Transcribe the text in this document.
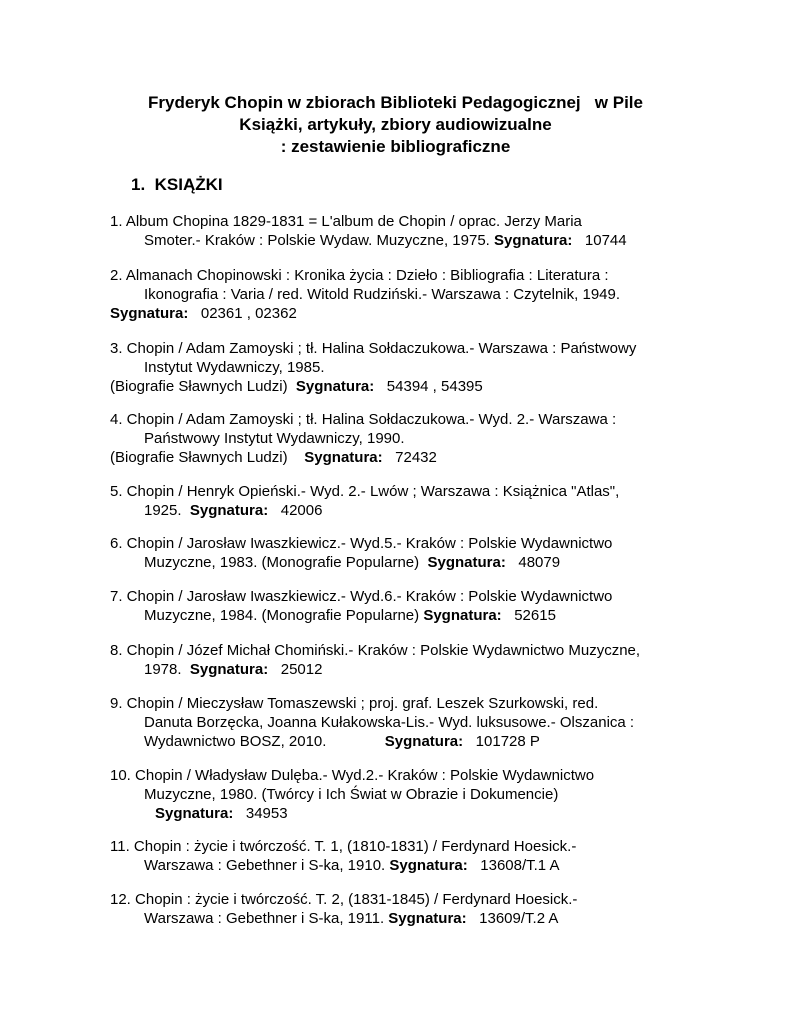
Fryderyk Chopin w zbiorach Biblioteki Pedagogicznej   w Pile
Książki, artykuły, zbiory audiowizualne
: zestawienie bibliograficzne
1. KSIĄŻKI
1. Album Chopina 1829-1831 = L'album de Chopin / oprac. Jerzy Maria
Smoter.- Kraków : Polskie Wydaw. Muzyczne, 1975. Sygnatura: 10744
2. Almanach Chopinowski : Kronika życia : Dzieło : Bibliografia : Literatura :
Ikonografia : Varia / red. Witold Rudziński.- Warszawa : Czytelnik, 1949.
Sygnatura: 02361 , 02362
3. Chopin / Adam Zamoyski ; tł. Halina Sołdaczukowa.- Warszawa : Państwowy
Instytut Wydawniczy, 1985.
(Biografie Sławnych Ludzi)  Sygnatura: 54394 , 54395
4. Chopin / Adam Zamoyski ; tł. Halina Sołdaczukowa.- Wyd. 2.- Warszawa :
Państwowy Instytut Wydawniczy, 1990.
(Biografie Sławnych Ludzi)    Sygnatura: 72432
5. Chopin / Henryk Opieński.- Wyd. 2.- Lwów ; Warszawa : Książnica "Atlas",
1925.  Sygnatura: 42006
6. Chopin / Jarosław Iwaszkiewicz.- Wyd.5.- Kraków : Polskie Wydawnictwo
Muzyczne, 1983. (Monografie Popularne)  Sygnatura: 48079
7. Chopin / Jarosław Iwaszkiewicz.- Wyd.6.- Kraków : Polskie Wydawnictwo
Muzyczne, 1984. (Monografie Popularne) Sygnatura: 52615
8. Chopin / Józef Michał Chomiński.- Kraków : Polskie Wydawnictwo Muzyczne,
1978.  Sygnatura: 25012
9. Chopin / Mieczysław Tomaszewski ; proj. graf. Leszek Szurkowski, red.
Danuta Borzęcka, Joanna Kułakowska-Lis.- Wyd. luksusowe.- Olszanica :
Wydawnictwo BOSZ, 2010.              Sygnatura: 101728 P
10. Chopin / Władysław Dulęba.- Wyd.2.- Kraków : Polskie Wydawnictwo
Muzyczne, 1980. (Twórcy i Ich Świat w Obrazie i Dokumencie)
Sygnatura: 34953
11. Chopin : życie i twórczość. T. 1, (1810-1831) / Ferdynard Hoesick.-
Warszawa : Gebethner i S-ka, 1910. Sygnatura: 13608/T.1 A
12. Chopin : życie i twórczość. T. 2, (1831-1845) / Ferdynard Hoesick.-
Warszawa : Gebethner i S-ka, 1911. Sygnatura: 13609/T.2 A
